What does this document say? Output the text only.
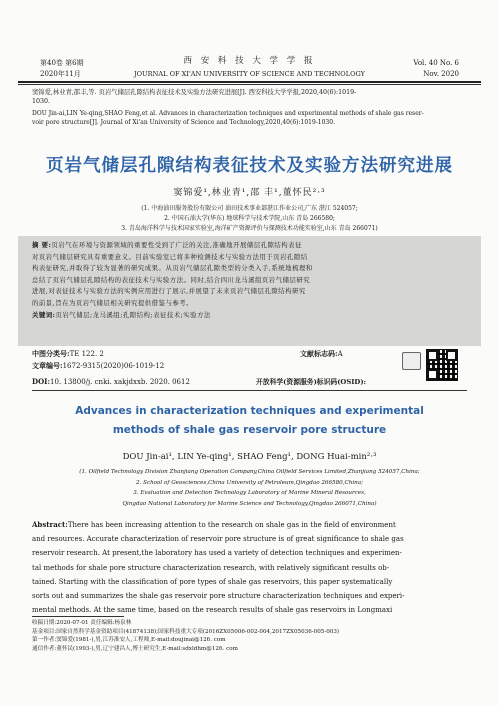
第40卷 第6期
2020年11月
西 安 科 技 大 学 学 报
JOURNAL OF XI'AN UNIVERSITY OF SCIENCE AND TECHNOLOGY
Vol. 40 No. 6
Nov. 2020
窦锦爱,林业青,邵丰,等. 页岩气储层孔隙结构表征技术及实验方法研究进展[J]. 西安科技大学学报,2020,40(6):1019-
1030.
DOU Jin-ai,LIN Ye-qing,SHAO Feng,et al. Advances in characterization techniques and experimental methods of shale gas reser-
voir pore structure[J]. Journal of Xi'an University of Science and Technology,2020,40(6):1019-1030.
页岩气储层孔隙结构表征技术及实验方法研究进展
窦锦爱¹,林业青¹,邵 丰¹,董怀民²·³
(1. 中海油田服务股份有限公司 油田技术事业部湛江作业公司,广东 湛江 524057;
2. 中国石油大学(华东) 地球科学与技术学院,山东 青岛 266580;
3. 青岛海洋科学与技术国家实验室,海洋矿产资源评价与探测技术功能实验室,山东 青岛 266071)
摘 要:页岩气在环境与资源领域的重要性受到了广泛的关注,准确地开展储层孔隙结构表征
对页岩气储层研究具有重要意义。目前实验室已将多种检测技术与实验方法用于页岩孔隙结
构表征研究,并取得了较为显著的研究成果。从页岩气储层孔隙类型的分类入手,系统地梳理和
总结了页岩气储层孔隙结构的表征技术与实验方法。同时,结合四川龙马溪组页岩气储层研究
进展,对表征技术与实验方法的实例应用进行了展示,并展望了未来页岩气储层孔隙结构研究
的前景,旨在为页岩气储层相关研究提供借鉴与参考。
关键词:页岩气储层;龙马溪组;孔隙结构;表征技术;实验方法
中图分类号:TE 122. 2	文献标志码:A
文章编号:1672-9315(2020)06-1019-12
DOI:10. 13800/j. cnki. xakjdxxb. 2020. 0612	开放科学(资源服务)标识码(OSID):
Advances in characterization techniques and experimental
methods of shale gas reservoir pore structure
DOU Jin-ai¹, LIN Ye-qing¹, SHAO Feng¹, DONG Huai-min²·³
(1. Oilfield Technology Division Zhanjiang Operation Company,China Oilfield Services Limited,Zhanjiang 524057,China;
2. School of Geosciences,China University of Petroleum,Qingdao 266580,China;
3. Evaluation and Detection Technology Laboratory of Marine Mineral Resources,
Qingdao National Laboratory for Marine Science and Technology,Qingdao 266071,China)
Abstract:There has been increasing attention to the research on shale gas in the field of environment
and resources. Accurate characterization of reservoir pore structure is of great significance to shale gas
reservoir research. At present,the laboratory has used a variety of detection techniques and experimen-
tal methods for shale pore structure characterization research, with relatively significant results ob-
tained. Starting with the classification of pore types of shale gas reservoirs, this paper systematically
sorts out and summarizes the shale gas reservoir pore structure characterization techniques and experi-
mental methods. At the same time, based on the research results of shale gas reservoirs in Longmaxi
收稿日期:2020-07-01 责任编辑:杨泉林
基金项目:国家自然科学基金资助项目(41874138);国家科技重大专项(2016ZX05006-002-004,2017ZX05036-005-003)
第一作者:窦锦爱(1981-),男,江苏淮安人,工程师,E-mail:doujinai@126. com
通信作者:董怀民(1993-),男,辽宁建昌人,博士研究生,E-mail:sdxldhm@126. com
